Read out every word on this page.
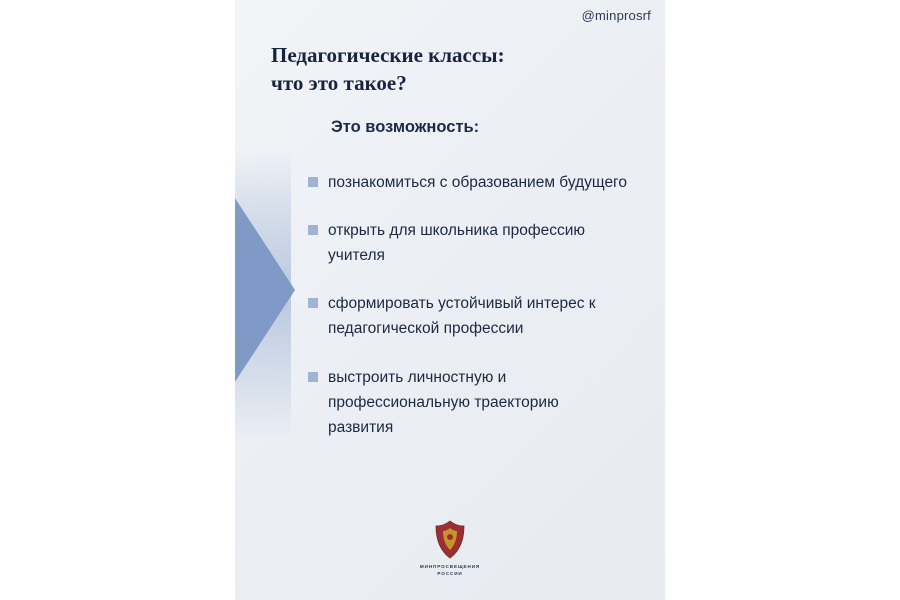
@minprosrf
Педагогические классы:
что это такое?
Это возможность:
познакомиться с образованием будущего
открыть для школьника профессию учителя
сформировать устойчивый интерес к педагогической профессии
выстроить личностную и профессиональную траекторию развития
МИНПРОСВЕЩЕНИЯ
РОССИИ
